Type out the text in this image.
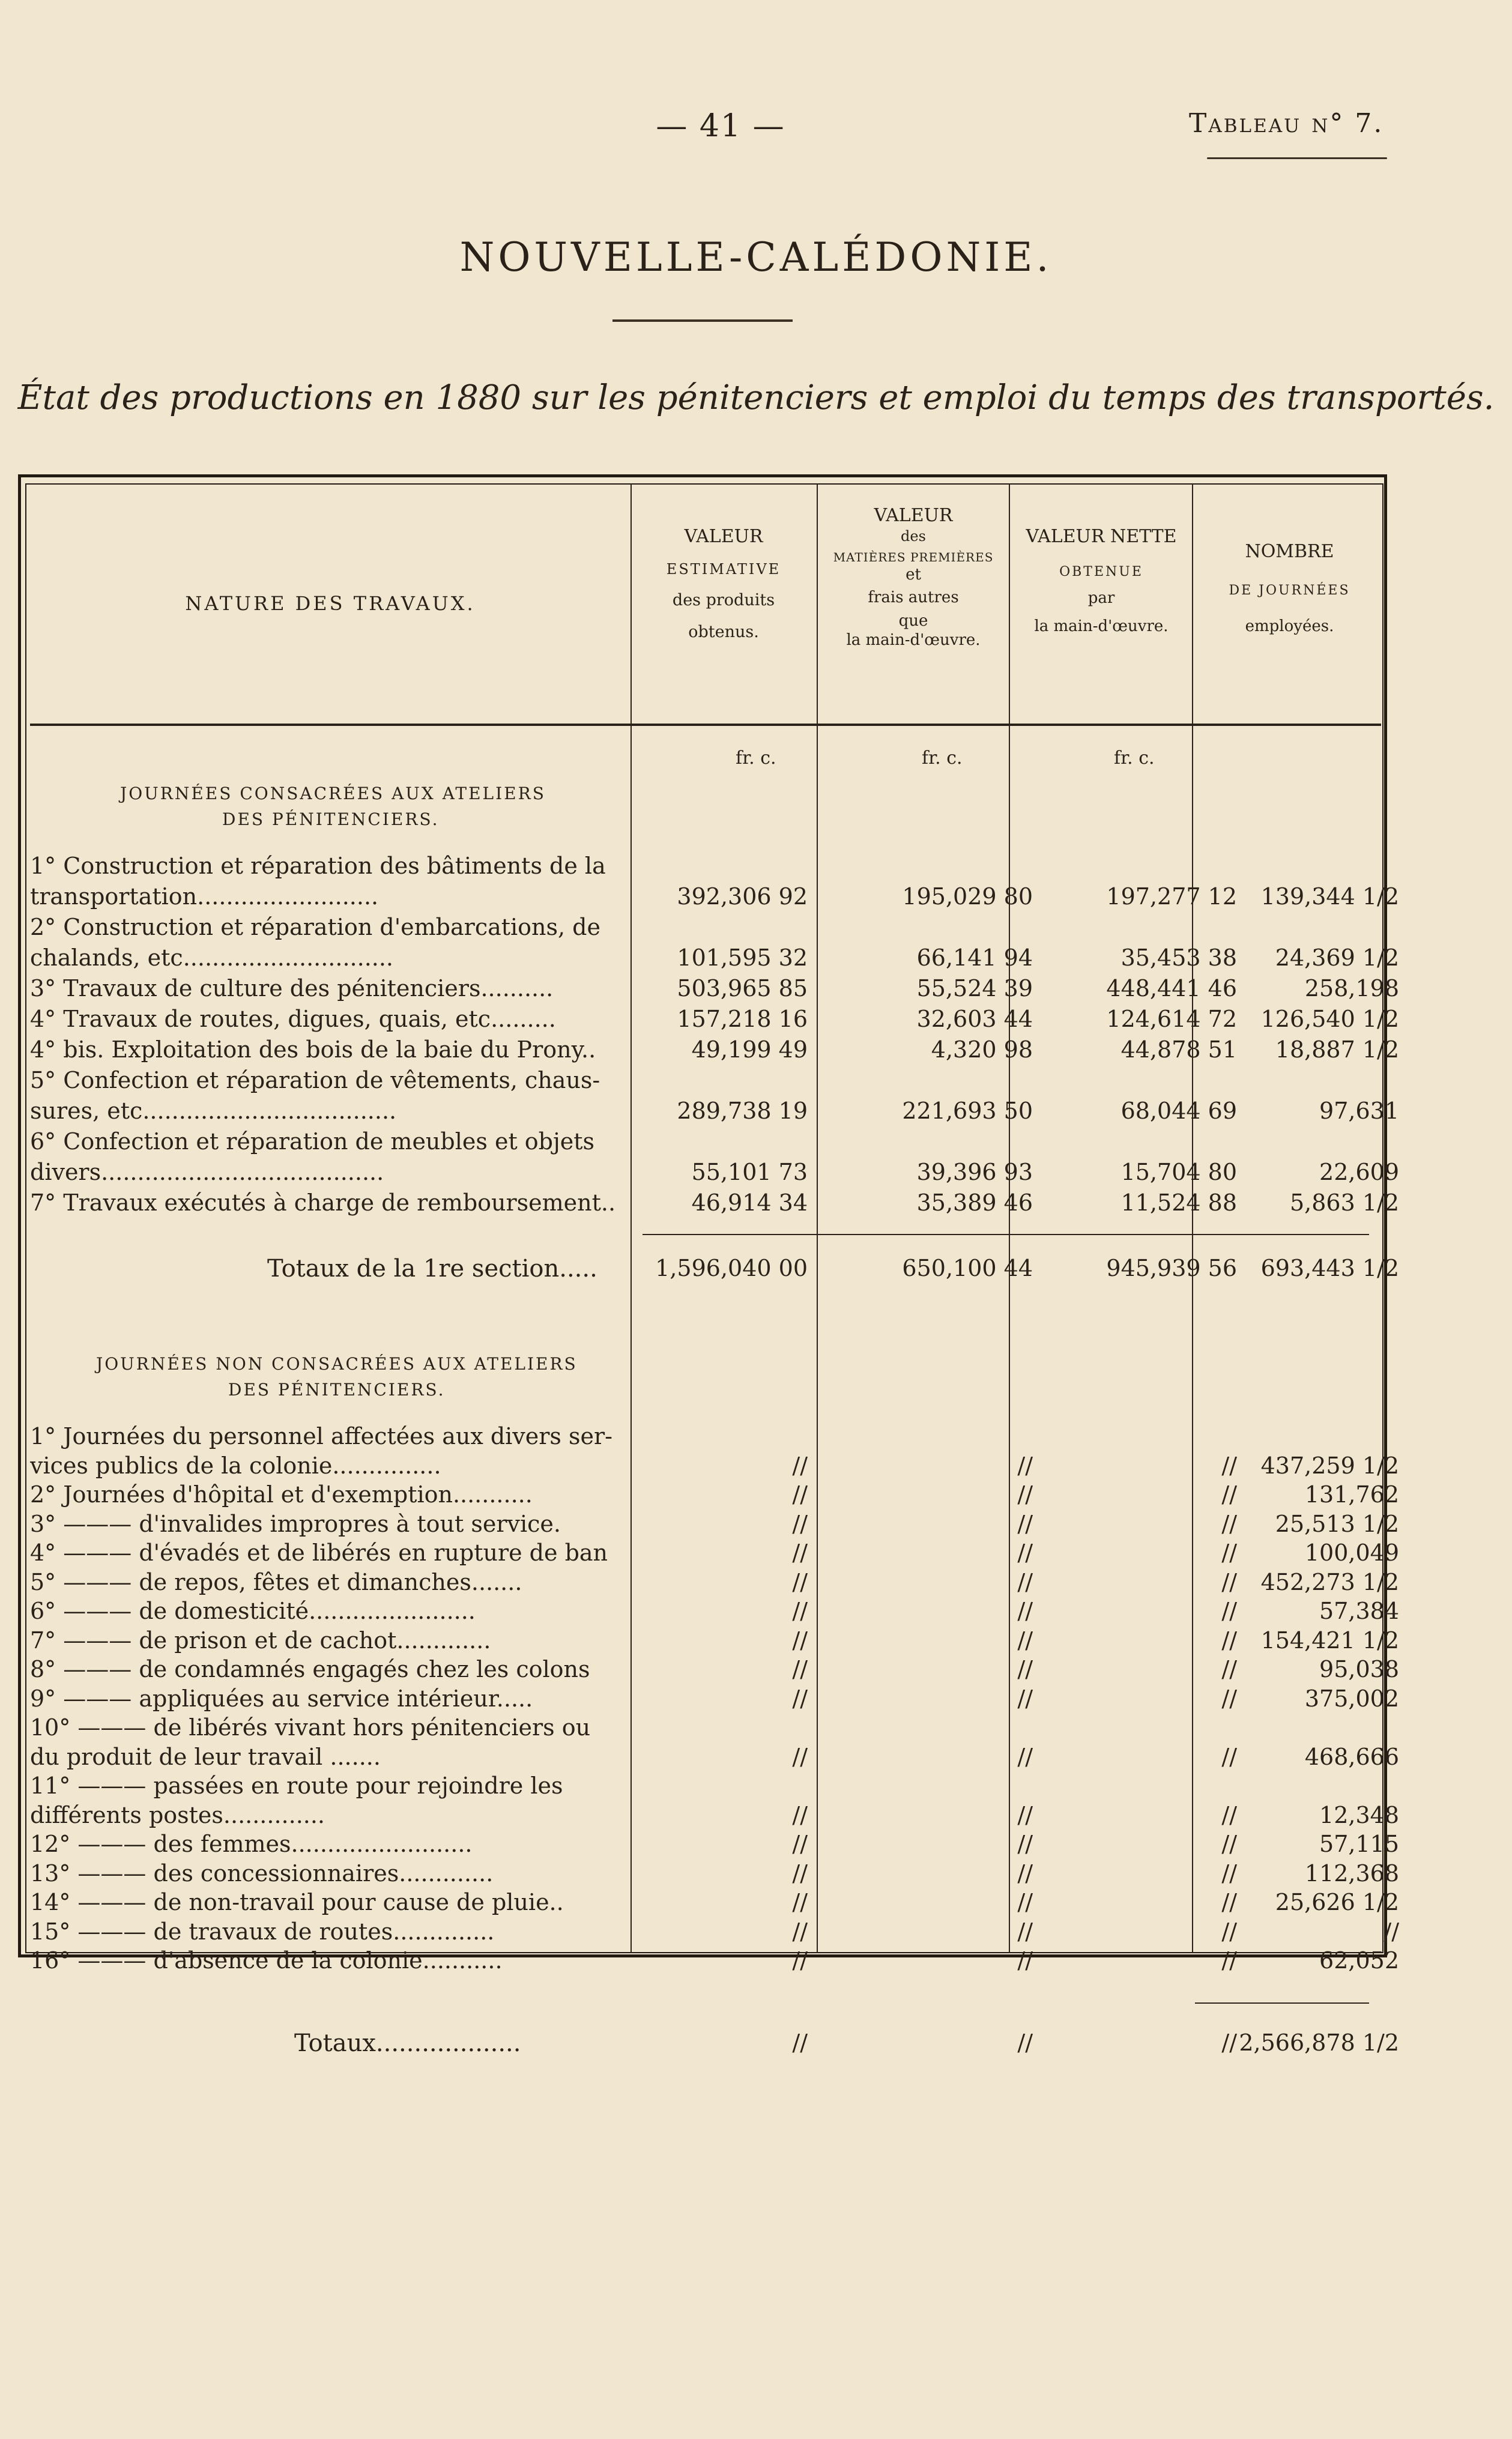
— 41 —	Tableau n° 7.
NOUVELLE-CALÉDONIE.
État des productions en 1880 sur les pénitenciers et emploi du temps des transportés.
NATURE DES TRAVAUX.
VALEUR
ESTIMATIVE
des produits
obtenus.
VALEUR
des
MATIÈRES PREMIÈRES
et
frais autres
que
la main-d'œuvre.
VALEUR NETTE
OBTENUE
par
la main-d'œuvre.
NOMBRE
DE JOURNÉES
employées.
fr. c.	fr. c.	fr. c.
JOURNÉES CONSACRÉES AUX ATELIERS
DES PÉNITENCIERS.
1° Construction et réparation des bâtiments de la
transportation.........................	392,306 92	195,029 80	197,277 12	139,344 1/2
2° Construction et réparation d'embarcations, de
chalands, etc.............................	101,595 32	66,141 94	35,453 38	24,369 1/2
3° Travaux de culture des pénitenciers..........	503,965 85	55,524 39	448,441 46	258,198
4° Travaux de routes, digues, quais, etc.........	157,218 16	32,603 44	124,614 72	126,540 1/2
4° bis. Exploitation des bois de la baie du Prony..	49,199 49	4,320 98	44,878 51	18,887 1/2
5° Confection et réparation de vêtements, chaus-
sures, etc...................................	289,738 19	221,693 50	68,044 69	97,631
6° Confection et réparation de meubles et objets
divers.......................................	55,101 73	39,396 93	15,704 80	22,609
7° Travaux exécutés à charge de remboursement..	46,914 34	35,389 46	11,524 88	5,863 1/2
Totaux de la 1re section.....	1,596,040 00	650,100 44	945,939 56	693,443 1/2
JOURNÉES NON CONSACRÉES AUX ATELIERS
DES PÉNITENCIERS.
1° Journées du personnel affectées aux divers ser-
vices publics de la colonie...............	//	//	//	437,259 1/2
2° Journées d'hôpital et d'exemption...........	//	//	//	131,762
3° ——— d'invalides impropres à tout service.	//	//	//	25,513 1/2
4° ——— d'évadés et de libérés en rupture de ban	//	//	//	100,049
5° ——— de repos, fêtes et dimanches.......	//	//	//	452,273 1/2
6° ——— de domesticité.......................	//	//	//	57,384
7° ——— de prison et de cachot.............	//	//	//	154,421 1/2
8° ——— de condamnés engagés chez les colons	//	//	//	95,038
9° ——— appliquées au service intérieur.....	//	//	//	375,002
10° ——— de libérés vivant hors pénitenciers ou
du produit de leur travail .......	//	//	//	468,666
11° ——— passées en route pour rejoindre les
différents postes..............	//	//	//	12,348
12° ——— des femmes.........................	//	//	//	57,115
13° ——— des concessionnaires.............	//	//	//	112,368
14° ——— de non-travail pour cause de pluie..	//	//	//	25,626 1/2
15° ——— de travaux de routes..............	//	//	//	//
16° ——— d'absence de la colonie...........	//	//	//	62,052
Totaux...................	//	//	// 2,566,878 1/2
